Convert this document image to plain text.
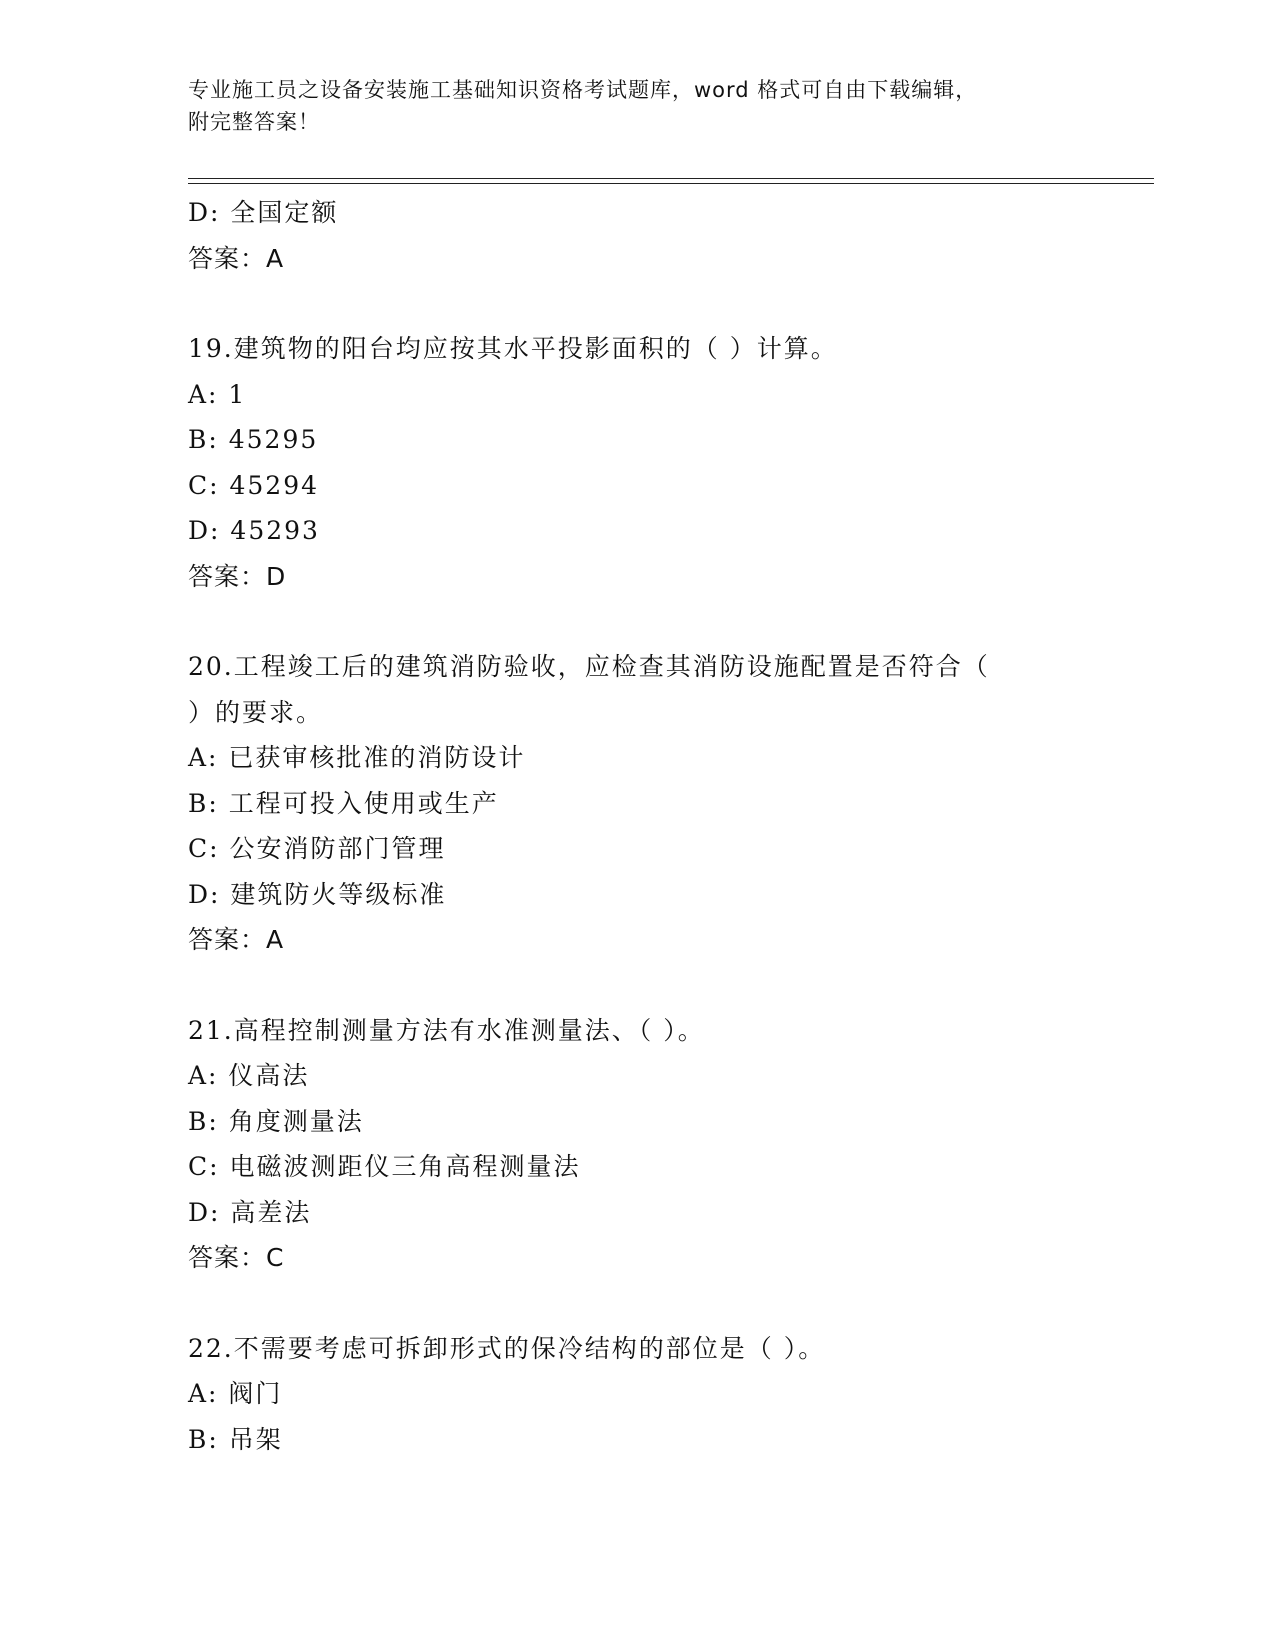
专业施工员之设备安装施工基础知识资格考试题库，word 格式可自由下载编辑，
附完整答案！
D: 全国定额
答案：A
19.建筑物的阳台均应按其水平投影面积的（ ）计算。
A: 1
B: 45295
C: 45294
D: 45293
答案：D
20.工程竣工后的建筑消防验收，应检查其消防设施配置是否符合（
）的要求。
A: 已获审核批准的消防设计
B: 工程可投入使用或生产
C: 公安消防部门管理
D: 建筑防火等级标准
答案：A
21.高程控制测量方法有水准测量法、（ ）。
A: 仪高法
B: 角度测量法
C: 电磁波测距仪三角高程测量法
D: 高差法
答案：C
22.不需要考虑可拆卸形式的保冷结构的部位是（ ）。
A: 阀门
B: 吊架
